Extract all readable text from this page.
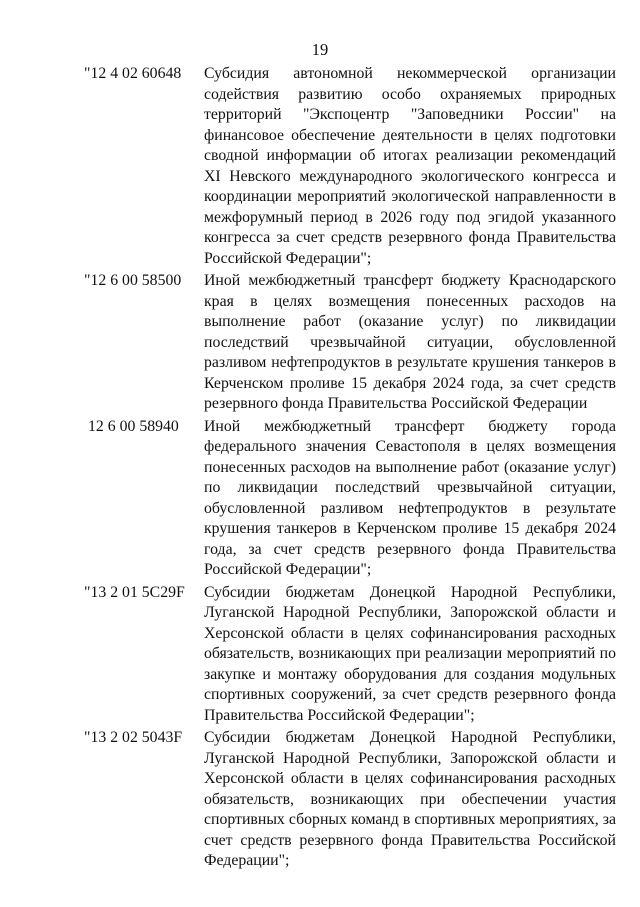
19
"12 4 02 60648	Субсидия автономной некоммерческой организации содействия развитию особо охраняемых природных территорий "Экспоцентр "Заповедники России" на финансовое обеспечение деятельности в целях подготовки сводной информации об итогах реализации рекомендаций XI Невского международного экологического конгресса и координации мероприятий экологической направленности в межфорумный период в 2026 году под эгидой указанного конгресса за счет средств резервного фонда Правительства Российской Федерации";
"12 6 00 58500	Иной межбюджетный трансферт бюджету Краснодарского края в целях возмещения понесенных расходов на выполнение работ (оказание услуг) по ликвидации последствий чрезвычайной ситуации, обусловленной разливом нефтепродуктов в результате крушения танкеров в Керченском проливе 15 декабря 2024 года, за счет средств резервного фонда Правительства Российской Федерации
12 6 00 58940	Иной межбюджетный трансферт бюджету города федерального значения Севастополя в целях возмещения понесенных расходов на выполнение работ (оказание услуг) по ликвидации последствий чрезвычайной ситуации, обусловленной разливом нефтепродуктов в результате крушения танкеров в Керченском проливе 15 декабря 2024 года, за счет средств резервного фонда Правительства Российской Федерации";
"13 2 01 5C29F	Субсидии бюджетам Донецкой Народной Республики, Луганской Народной Республики, Запорожской области и Херсонской области в целях софинансирования расходных обязательств, возникающих при реализации мероприятий по закупке и монтажу оборудования для создания модульных спортивных сооружений, за счет средств резервного фонда Правительства Российской Федерации";
"13 2 02 5043F	Субсидии бюджетам Донецкой Народной Республики, Луганской Народной Республики, Запорожской области и Херсонской области в целях софинансирования расходных обязательств, возникающих при обеспечении участия спортивных сборных команд в спортивных мероприятиях, за счет средств резервного фонда Правительства Российской Федерации";
